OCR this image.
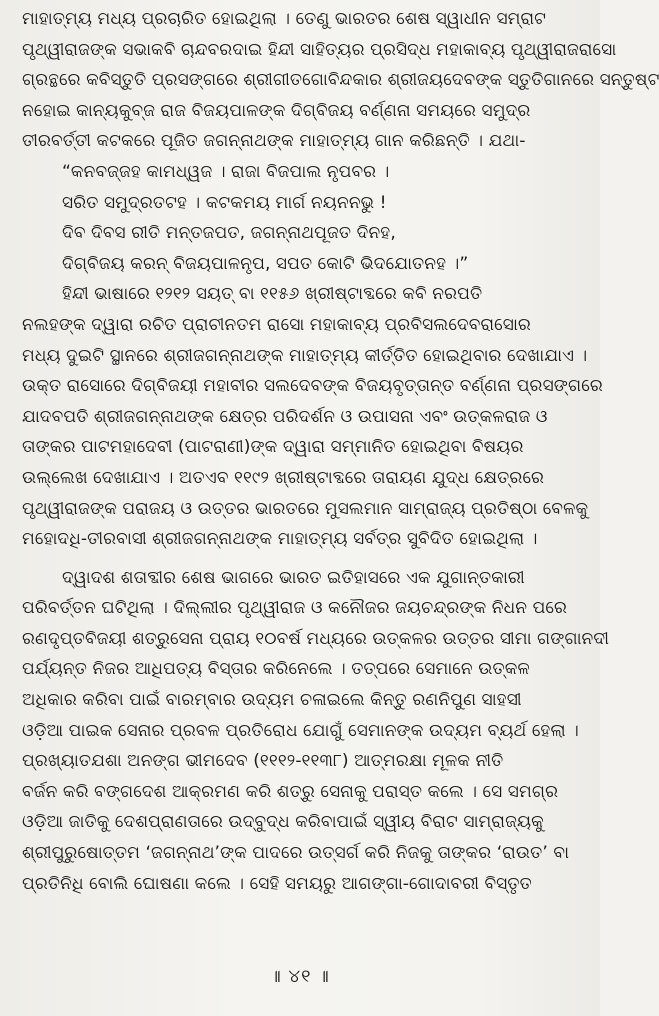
ମାହାତ୍ମ୍ୟ ମଧ୍ୟ ପ୍ରଚାରିତ ହୋଇଥିଲା । ତେଣୁ ଭାରତର ଶେଷ ସ୍ୱାଧୀନ ସମ୍ରାଟ
ପୃଥ୍ୱୀରାଜଙ୍କ ସଭାକବି ଚାନ୍ଦବରଦାଇ ହିନ୍ଦୀ ସାହିତ୍ୟର ପ୍ରସିଦ୍ଧ ମହାକାବ୍ୟ ପୃଥ୍ୱୀରାଜରାସୋ
ଗ୍ରନ୍ଥରେ କବିସ୍ତୁତି ପ୍ରସଙ୍ଗରେ ଶ୍ରୀଗୀତଗୋବିନ୍ଦକାର ଶ୍ରୀଜୟଦେବଙ୍କ ସ୍ତୁତିଗାନରେ ସନ୍ତୁଷ୍ଟ
ନହୋଇ କାନ୍ୟକୁବ୍ଜ ରାଜ ବିଜୟପାଳଙ୍କ ଦିଗ୍‌ବିଜୟ ବର୍ଣ୍ଣନା ସମୟରେ ସମୁଦ୍ର
ତୀରବର୍ତ୍ତୀ କଟକରେ ପୂଜିତ ଜଗନ୍ନାଥଙ୍କ ମାହାତ୍ମ୍ୟ ଗାନ କରିଛନ୍ତି । ଯଥା-
“କନବଜ୍ଜହ କାମଧ୍ୱଜ । ରାଜା ବିଜପାଲ ନୃପବର ।
ସରିତ ସମୁଦ୍ରତଟହ । କଟକମୟ ମାର୍ଗ ନୟନନଭୁ !
ଦିବ ଦିବସ ରୀତି ମନ୍ତଜପତ, ଜଗନ୍ନାଥପୂଜତ ଦିନହ,
ଦିଗ୍‌ବିଜୟ କରନ୍ ବିଜୟପାଳନୃପ, ସପତ କୋଟି ଭିଦଯୋତନହ ।”
ହିନ୍ଦୀ ଭାଷାରେ ୧୨୧୨ ସୟତ୍ ବା ୧୧୫୬ ଖ୍ରୀଷ୍ଟାବ୍ଦରେ କବି ନରପତି
ନଲହଙ୍କ ଦ୍ୱାରା ରଚିତ ପ୍ରାଚୀନତମ ରାସୋ ମହାକାବ୍ୟ ପ୍ରବିସଲଦେବରାସୋର
ମଧ୍ୟ ଦୁଇଟି ସ୍ଥାନରେ ଶ୍ରୀଜଗନ୍ନାଥଙ୍କ ମାହାତ୍ମ୍ୟ କୀର୍ତ୍ତିତ ହୋଇଥିବାର ଦେଖାଯାଏ ।
ଉକ୍ତ ରାସୋରେ ଦିଗ୍‌ବିଜୟୀ ମହାବୀର ସଲଦେବଙ୍କ ବିଜୟବୃତ୍ତାନ୍ତ ବର୍ଣ୍ଣନା ପ୍ରସଙ୍ଗରେ
ଯାଦବପତି ଶ୍ରୀଜଗନ୍ନାଥଙ୍କ କ୍ଷେତ୍ର ପରିଦର୍ଶନ ଓ ଉପାସନା ଏବଂ ଉତ୍କଳରାଜ ଓ
ତାଙ୍କର ପାଟମହାଦେବୀ (ପାଟରାଣୀ)ଙ୍କ ଦ୍ୱାରା ସମ୍ମାନିତ ହୋଇଥିବା ବିଷୟର
ଉଲ୍ଲେଖ ଦେଖାଯାଏ । ଅତଏବ ୧୧୯୨ ଖ୍ରୀଷ୍ଟାବ୍ଦରେ ତାରାୟଣ ଯୁଦ୍ଧ କ୍ଷେତ୍ରରେ
ପୃଥ୍ୱୀରାଜଙ୍କ ପରାଜୟ ଓ ଉତ୍ତର ଭାରତରେ ମୁସଲମାନ ସାମ୍ରାଜ୍ୟ ପ୍ରତିଷ୍ଠା ବେଳକୁ
ମହୋଦଧି-ତୀରବାସୀ ଶ୍ରୀଜଗନ୍ନାଥଙ୍କ ମାହାତ୍ମ୍ୟ ସର୍ବତ୍ର ସୁବିଦିତ ହୋଇଥିଲା ।
ଦ୍ୱାଦଶ ଶତାବ୍ଦୀର ଶେଷ ଭାଗରେ ଭାରତ ଇତିହାସରେ ଏକ ଯୁଗାନ୍ତକାରୀ
ପରିବର୍ତ୍ତନ ଘଟିଥିଲା । ଦିଲ୍ଲୀର ପୃଥ୍ୱୀରାଜ ଓ କନୌଜର ଜୟଚନ୍ଦ୍ରଙ୍କ ନିଧନ ପରେ
ରଣଦୃପ୍ତବିଜୟୀ ଶତ୍ରୁସେନା ପ୍ରାୟ ୧୦ବର୍ଷ ମଧ୍ୟରେ ଉତ୍କଳର ଉତ୍ତର ସୀମା ଗଙ୍ଗାନଦୀ
ପର୍ଯ୍ୟନ୍ତ ନିଜର ଆଧିପତ୍ୟ ବିସ୍ତାର କରିନେଲେ । ତତ୍‌ପରେ ସେମାନେ ଉତ୍କଳ
ଅଧିକାର କରିବା ପାଇଁ ବାରମ୍ବାର ଉଦ୍ୟମ ଚଳାଇଲେ କିନ୍ତୁ ରଣନିପୁଣ ସାହସୀ
ଓଡ଼ିଆ ପାଇକ ସେନାର ପ୍ରବଳ ପ୍ରତିରୋଧ ଯୋଗୁଁ ସେମାନଙ୍କ ଉଦ୍ୟମ ବ୍ୟର୍ଥ ହେଲା ।
ପ୍ରଖ୍ୟାତଯଶା ଅନଙ୍ଗ ଭୀମଦେବ (୧୧୧୨-୧୧୩୮) ଆତ୍ମରକ୍ଷା ମୂଳକ ନୀତି
ବର୍ଜନ କରି ବଙ୍ଗଦେଶ ଆକ୍ରମଣ କରି ଶତ୍ରୁ ସେନାକୁ ପରାସ୍ତ କଲେ । ସେ ସମଗ୍ର
ଓଡ଼ିଆ ଜାତିକୁ ଦେଶପ୍ରାଣତାରେ ଉଦ୍‌ବୁଦ୍ଧ କରିବାପାଇଁ ସ୍ୱୀୟ ବିରାଟ ସାମ୍ରାଜ୍ୟକୁ
ଶ୍ରୀପୁରୁଷୋତ୍ତମ ‘ଜଗନ୍ନାଥ’ଙ୍କ ପାଦରେ ଉତ୍ସର୍ଗ କରି ନିଜକୁ ତାଙ୍କର ‘ରାଉତ’ ବା
ପ୍ରତିନିଧି ବୋଲି ଘୋଷଣା କଲେ । ସେହି ସମୟରୁ ଆଗଙ୍ଗା-ଗୋଦାବରୀ ବିସ୍ତୃତ
॥ ୪୧ ॥
